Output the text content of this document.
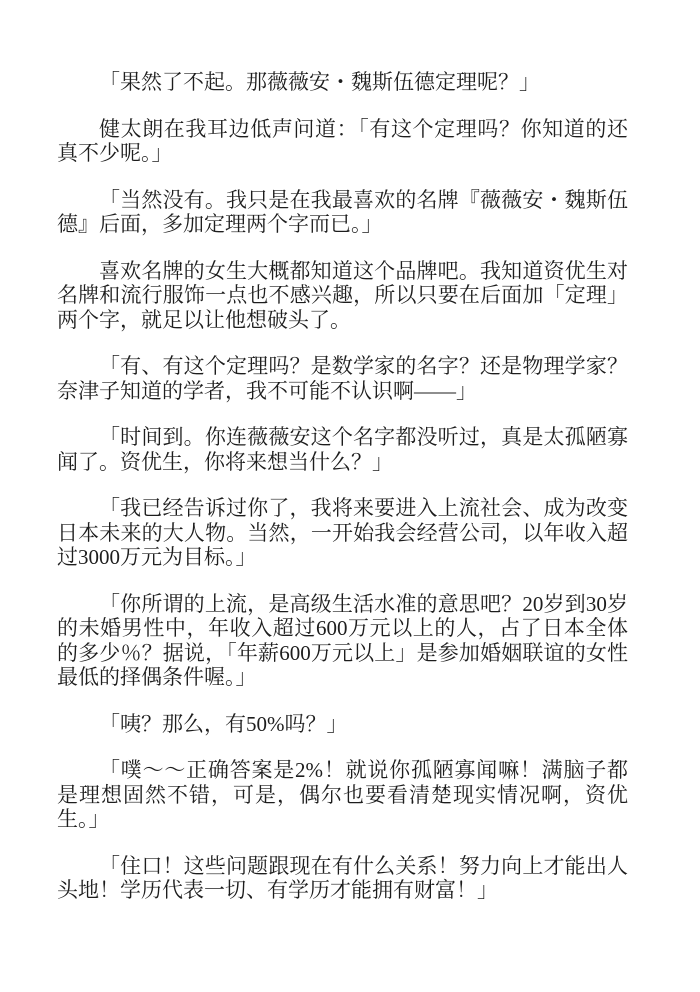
「果然了不起。那薇薇安・魏斯伍德定理呢？」

健太朗在我耳边低声问道：「有这个定理吗？你知道的还真不少呢。」

「当然没有。我只是在我最喜欢的名牌『薇薇安・魏斯伍德』后面，多加定理两个字而已。」

喜欢名牌的女生大概都知道这个品牌吧。我知道资优生对名牌和流行服饰一点也不感兴趣，所以只要在后面加「定理」两个字，就足以让他想破头了。

「有、有这个定理吗？是数学家的名字？还是物理学家？奈津子知道的学者，我不可能不认识啊——」

「时间到。你连薇薇安这个名字都没听过，真是太孤陋寡闻了。资优生，你将来想当什么？」

「我已经告诉过你了，我将来要进入上流社会、成为改变日本未来的大人物。当然，一开始我会经营公司，以年收入超过3000万元为目标。」

「你所谓的上流，是高级生活水准的意思吧？20岁到30岁的未婚男性中，年收入超过600万元以上的人，占了日本全体的多少％？据说，「年薪600万元以上」是参加婚姻联谊的女性最低的择偶条件喔。」

「咦？那么，有50%吗？」

「噗～～正确答案是2%！就说你孤陋寡闻嘛！满脑子都是理想固然不错，可是，偶尔也要看清楚现实情况啊，资优生。」

「住口！这些问题跟现在有什么关系！努力向上才能出人头地！学历代表一切、有学历才能拥有财富！」
